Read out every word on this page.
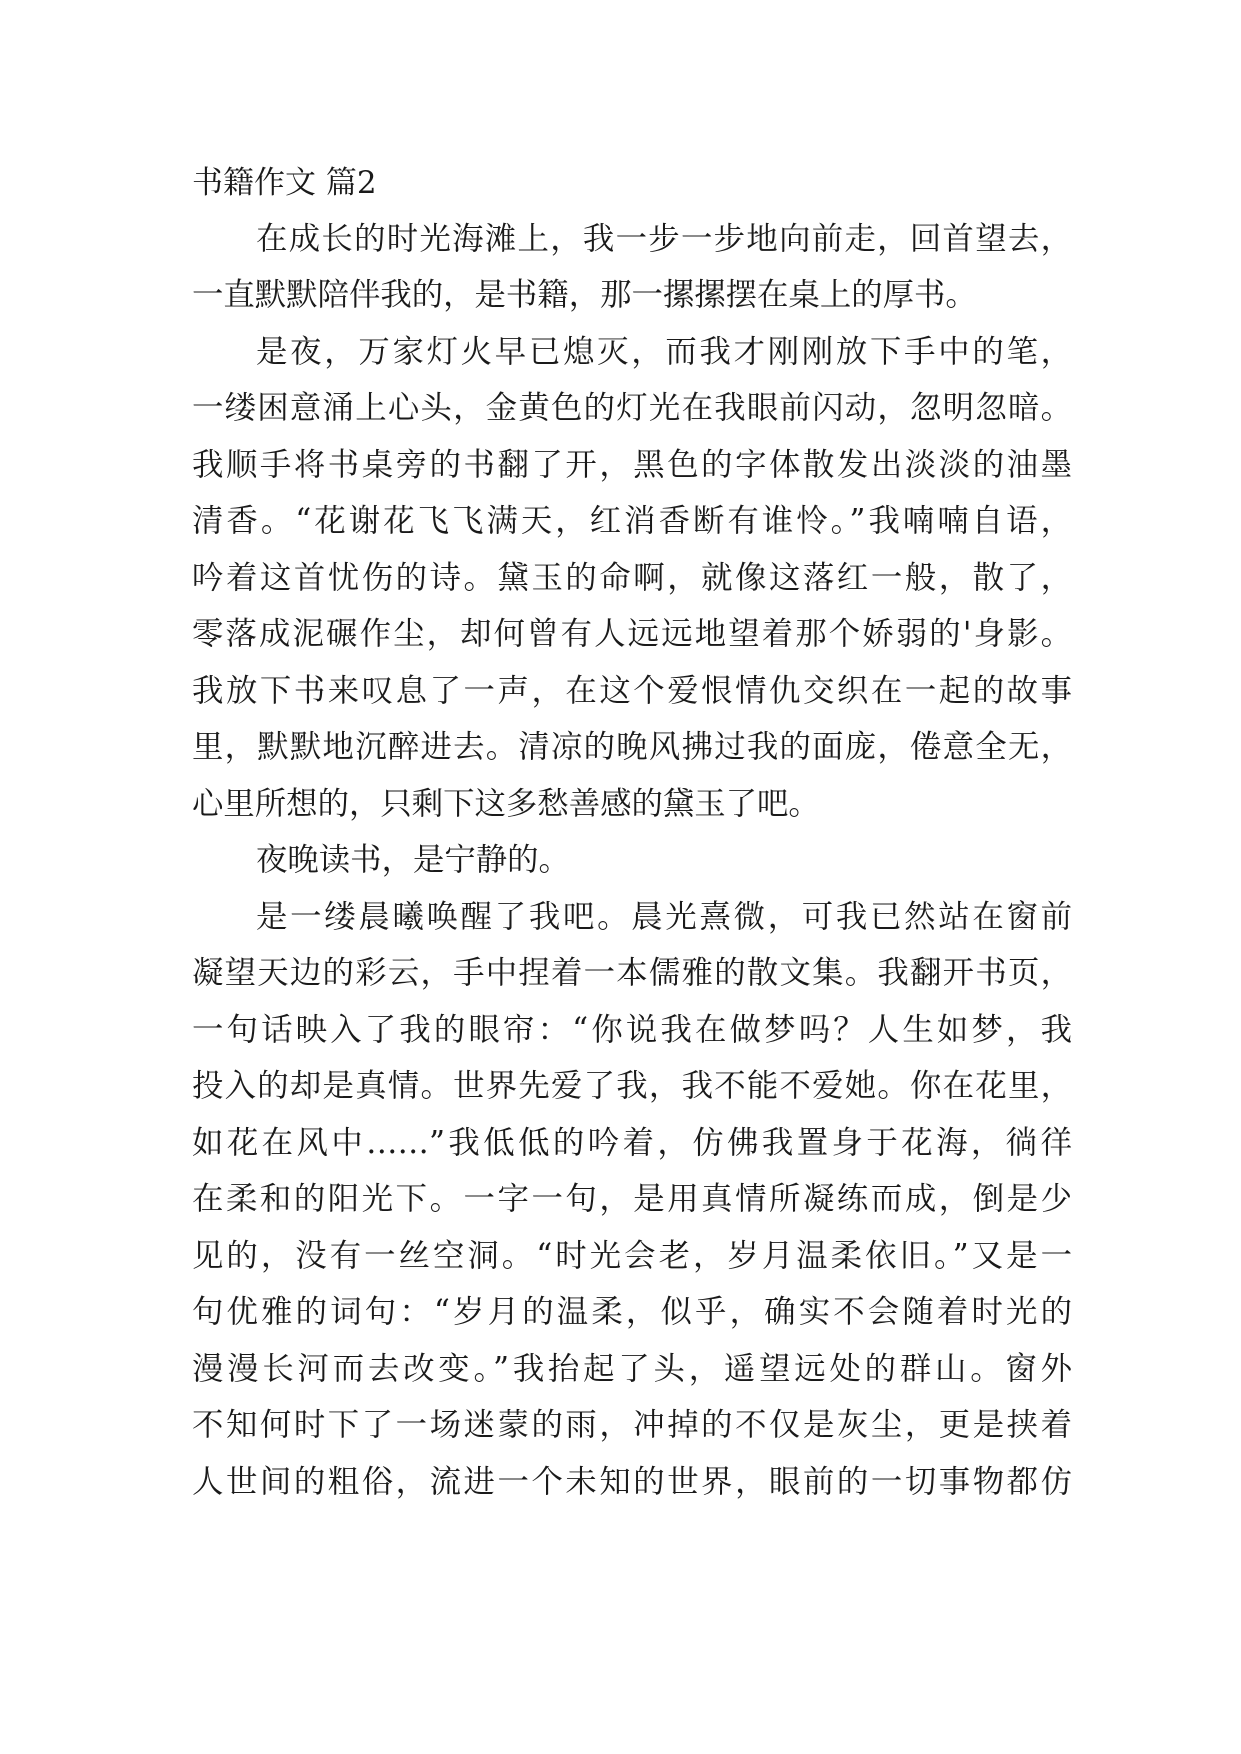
书籍作文 篇2
在成长的时光海滩上，我一步一步地向前走，回首望去，
一直默默陪伴我的，是书籍，那一摞摞摆在桌上的厚书。
是夜，万家灯火早已熄灭，而我才刚刚放下手中的笔，
一缕困意涌上心头，金黄色的灯光在我眼前闪动，忽明忽暗。
我顺手将书桌旁的书翻了开，黑色的字体散发出淡淡的油墨
清香。“花谢花飞飞满天，红消香断有谁怜。”我喃喃自语，
吟着这首忧伤的诗。黛玉的命啊，就像这落红一般，散了，
零落成泥碾作尘，却何曾有人远远地望着那个娇弱的'身影。
我放下书来叹息了一声，在这个爱恨情仇交织在一起的故事
里，默默地沉醉进去。清凉的晚风拂过我的面庞，倦意全无，
心里所想的，只剩下这多愁善感的黛玉了吧。
夜晚读书，是宁静的。
是一缕晨曦唤醒了我吧。晨光熹微，可我已然站在窗前
凝望天边的彩云，手中捏着一本儒雅的散文集。我翻开书页，
一句话映入了我的眼帘：“你说我在做梦吗？人生如梦，我
投入的却是真情。世界先爱了我，我不能不爱她。你在花里，
如花在风中……”我低低的吟着，仿佛我置身于花海，徜徉
在柔和的阳光下。一字一句，是用真情所凝练而成，倒是少
见的，没有一丝空洞。“时光会老，岁月温柔依旧。”又是一
句优雅的词句：“岁月的温柔，似乎，确实不会随着时光的
漫漫长河而去改变。”我抬起了头，遥望远处的群山。窗外
不知何时下了一场迷蒙的雨，冲掉的不仅是灰尘，更是挟着
人世间的粗俗，流进一个未知的世界，眼前的一切事物都仿
